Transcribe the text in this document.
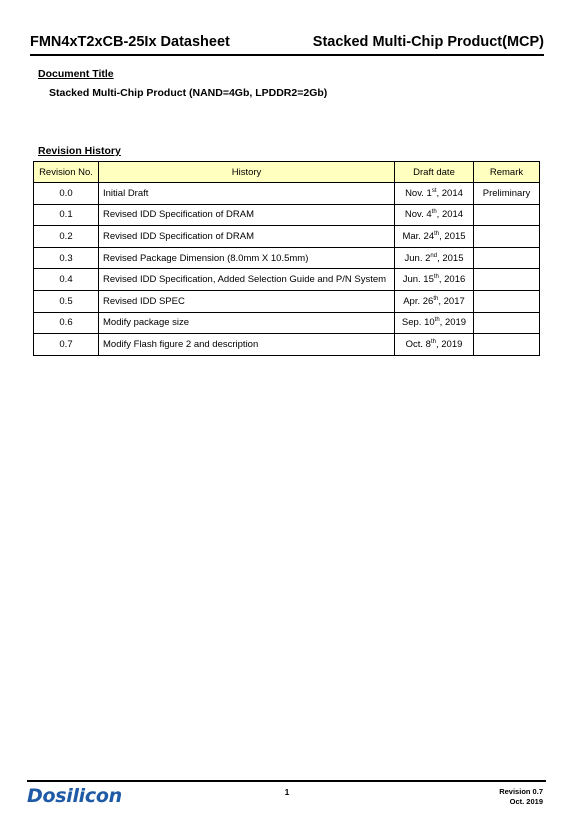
FMN4xT2xCB-25Ix Datasheet	Stacked Multi-Chip Product(MCP)
Document Title
Stacked Multi-Chip Product (NAND=4Gb, LPDDR2=2Gb)
Revision History
Revision No.	History	Draft date	Remark
0.0	Initial Draft	Nov. 1st, 2014	Preliminary
0.1	Revised IDD Specification of DRAM	Nov. 4th, 2014	
0.2	Revised IDD Specification of DRAM	Mar. 24th, 2015	
0.3	Revised Package Dimension (8.0mm X 10.5mm)	Jun. 2nd, 2015	
0.4	Revised IDD Specification, Added Selection Guide and P/N System	Jun. 15th, 2016	
0.5	Revised IDD SPEC	Apr. 26th, 2017	
0.6	Modify package size	Sep. 10th, 2019	
0.7	Modify Flash figure 2 and description	Oct. 8th, 2019	
Dosilicon	1	Revision 0.7
Oct. 2019
